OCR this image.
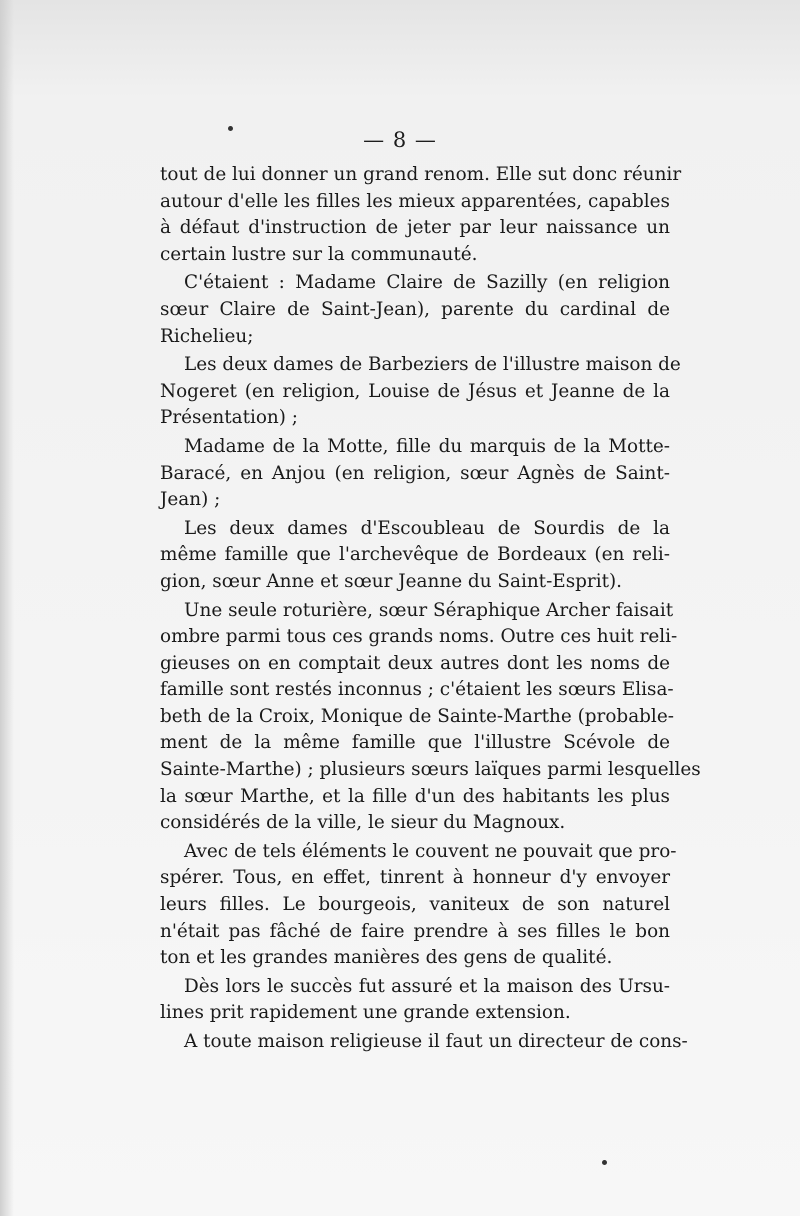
— 8 —
tout de lui donner un grand renom. Elle sut donc réunir
autour d'elle les filles les mieux apparentées, capables
à défaut d'instruction de jeter par leur naissance un
certain lustre sur la communauté.
C'étaient : Madame Claire de Sazilly (en religion
sœur Claire de Saint-Jean), parente du cardinal de
Richelieu;
Les deux dames de Barbeziers de l'illustre maison de
Nogeret (en religion, Louise de Jésus et Jeanne de la
Présentation) ;
Madame de la Motte, fille du marquis de la Motte-
Baracé, en Anjou (en religion, sœur Agnès de Saint-
Jean) ;
Les deux dames d'Escoubleau de Sourdis de la
même famille que l'archevêque de Bordeaux (en reli-
gion, sœur Anne et sœur Jeanne du Saint-Esprit).
Une seule roturière, sœur Séraphique Archer faisait
ombre parmi tous ces grands noms. Outre ces huit reli-
gieuses on en comptait deux autres dont les noms de
famille sont restés inconnus ; c'étaient les sœurs Elisa-
beth de la Croix, Monique de Sainte-Marthe (probable-
ment de la même famille que l'illustre Scévole de
Sainte-Marthe) ; plusieurs sœurs laïques parmi lesquelles
la sœur Marthe, et la fille d'un des habitants les plus
considérés de la ville, le sieur du Magnoux.
Avec de tels éléments le couvent ne pouvait que pro-
spérer. Tous, en effet, tinrent à honneur d'y envoyer
leurs filles. Le bourgeois, vaniteux de son naturel
n'était pas fâché de faire prendre à ses filles le bon
ton et les grandes manières des gens de qualité.
Dès lors le succès fut assuré et la maison des Ursu-
lines prit rapidement une grande extension.
A toute maison religieuse il faut un directeur de cons-
